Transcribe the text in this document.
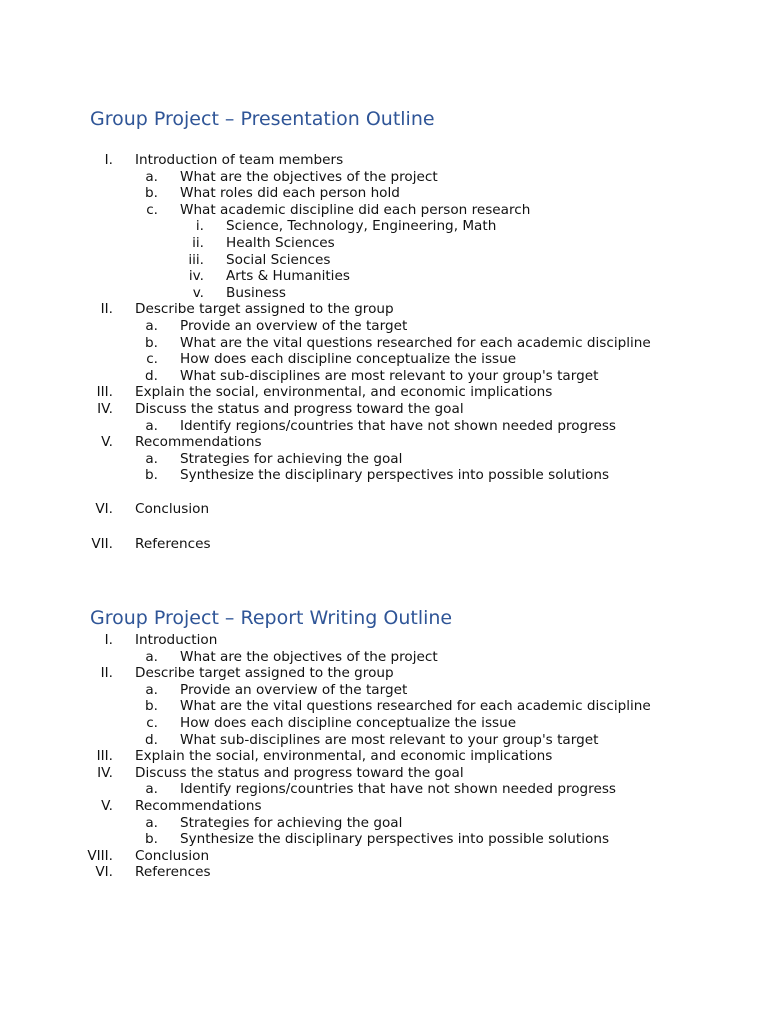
Group Project – Presentation Outline
I. Introduction of team members
a. What are the objectives of the project
b. What roles did each person hold
c. What academic discipline did each person research
i. Science, Technology, Engineering, Math
ii. Health Sciences
iii. Social Sciences
iv. Arts & Humanities
v. Business
II. Describe target assigned to the group
a. Provide an overview of the target
b. What are the vital questions researched for each academic discipline
c. How does each discipline conceptualize the issue
d. What sub-disciplines are most relevant to your group's target
III. Explain the social, environmental, and economic implications
IV. Discuss the status and progress toward the goal
a. Identify regions/countries that have not shown needed progress
V. Recommendations
a. Strategies for achieving the goal
b. Synthesize the disciplinary perspectives into possible solutions
VI. Conclusion
VII. References
Group Project – Report Writing Outline
I. Introduction
a. What are the objectives of the project
II. Describe target assigned to the group
a. Provide an overview of the target
b. What are the vital questions researched for each academic discipline
c. How does each discipline conceptualize the issue
d. What sub-disciplines are most relevant to your group's target
III. Explain the social, environmental, and economic implications
IV. Discuss the status and progress toward the goal
a. Identify regions/countries that have not shown needed progress
V. Recommendations
a. Strategies for achieving the goal
b. Synthesize the disciplinary perspectives into possible solutions
VIII. Conclusion
VI. References
